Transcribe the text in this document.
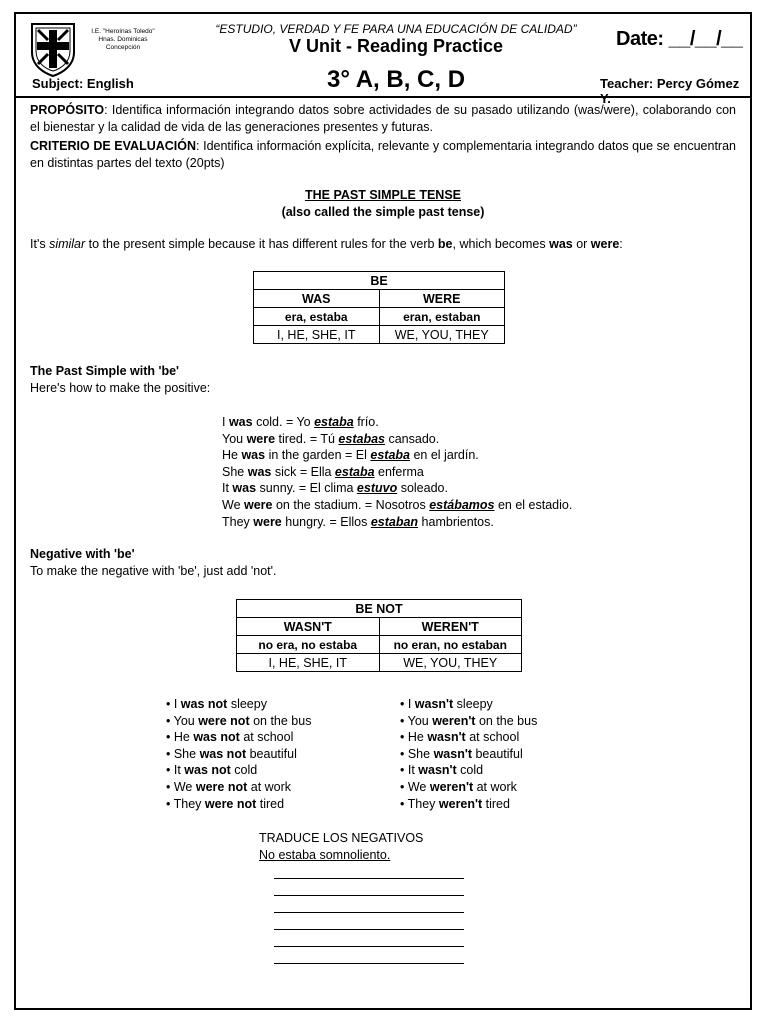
I.E. "Heroínas Toledo"
Hnas. Dominicas
Concepción
“ESTUDIO, VERDAD Y FE PARA UNA EDUCACIÓN DE CALIDAD”
V Unit - Reading Practice	Date: __/__/__
Subject: English	3° A, B, C, D	Teacher: Percy Gómez Y.
PROPÓSITO: Identifica información integrando datos sobre actividades de su pasado utilizando (was/were), colaborando con el bienestar y la calidad de vida de las generaciones presentes y futuras.
CRITERIO DE EVALUACIÓN: Identifica información explícita, relevante y complementaria integrando datos que se encuentran en distintas partes del texto (20pts)
THE PAST SIMPLE TENSE
(also called the simple past tense)
It's similar to the present simple because it has different rules for the verb be, which becomes was or were:
BE	
WAS	WERE
era, estaba	eran, estaban
I, HE, SHE, IT	WE, YOU, THEY
The Past Simple with 'be'
Here's how to make the positive:
I was cold. = Yo estaba frío.
You were tired. = Tú estabas cansado.
He was in the garden = El estaba en el jardín.
She was sick = Ella estaba enferma
It was sunny. = El clima estuvo soleado.
We were on the stadium. = Nosotros estábamos en el estadio.
They were hungry. = Ellos estaban hambrientos.
Negative with 'be'
To make the negative with 'be', just add 'not'.
BE NOT	
WASN'T	WEREN'T
no era, no estaba	no eran, no estaban
I, HE, SHE, IT	WE, YOU, THEY
• I was not sleepy
• You were not on the bus
• He was not at school
• She was not beautiful
• It was not cold
• We were not at work
• They were not tired
• I wasn't sleepy
• You weren't on the bus
• He wasn't at school
• She wasn't beautiful
• It wasn't cold
• We weren't at work
• They weren't tired
TRADUCE LOS NEGATIVOS
No estaba somnoliento.
